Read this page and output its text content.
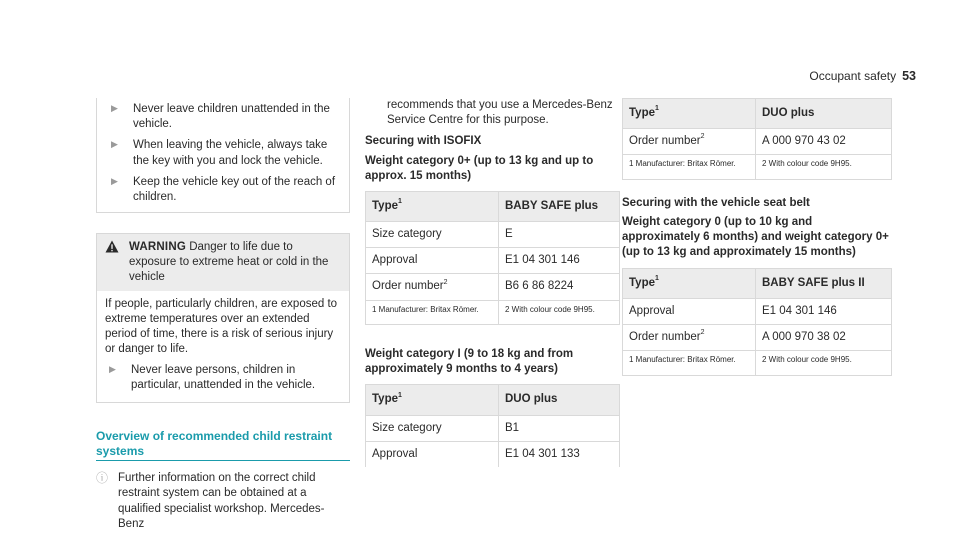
Occupant safety 53
▶	Never leave children unattended in the vehicle.
▶	When leaving the vehicle, always take the key with you and lock the vehicle.
▶	Keep the vehicle key out of the reach of children.
WARNING Danger to life due to exposure to extreme heat or cold in the vehicle

If people, particularly children, are exposed to extreme temperatures over an extended period of time, there is a risk of serious injury or danger to life.

▶	Never leave persons, children in particular, unattended in the vehicle.
Overview of recommended child restraint systems
ⓘ Further information on the correct child restraint system can be obtained at a qualified specialist workshop. Mercedes-Benz

recommends that you use a Mercedes-Benz Service Centre for this purpose.

Securing with ISOFIX
Weight category 0+ (up to 13 kg and up to approx. 15 months)
Type$^1$	BABY SAFE plus
Size category	E
Approval	E1 04 301 146
Order number$^2$	B6 6 86 8224
1 Manufacturer: Britax Römer.	2 With colour code 9H95.
Weight category I (9 to 18 kg and from approximately 9 months to 4 years)
Type$^1$	DUO plus
Size category	B1
Approval	E1 04 301 133
Type$^1$	DUO plus
Order number$^2$	A 000 970 43 02
1 Manufacturer: Britax Römer.	2 With colour code 9H95.
Securing with the vehicle seat belt
Weight category 0 (up to 10 kg and approximately 6 months) and weight category 0+ (up to 13 kg and approximately 15 months)
Type$^1$	BABY SAFE plus II
Approval	E1 04 301 146
Order number$^2$	A 000 970 38 02
1 Manufacturer: Britax Römer.	2 With colour code 9H95.
